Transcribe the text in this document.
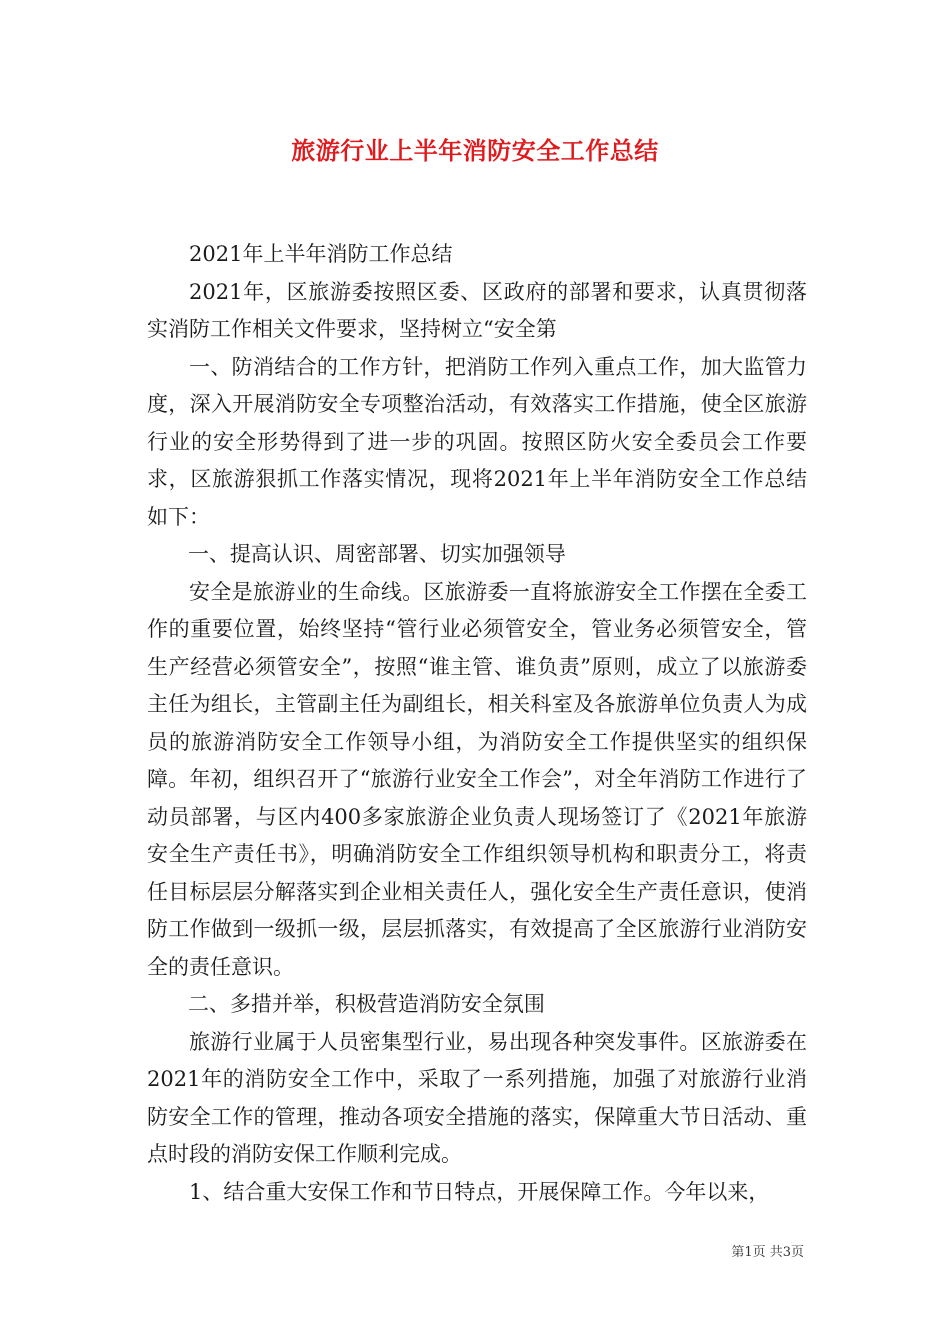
旅游行业上半年消防安全工作总结

2021年上半年消防工作总结

2021年，区旅游委按照区委、区政府的部署和要求，认真贯彻落实消防工作相关文件要求，坚持树立“安全第

一、防消结合的工作方针，把消防工作列入重点工作，加大监管力度，深入开展消防安全专项整治活动，有效落实工作措施，使全区旅游行业的安全形势得到了进一步的巩固。按照区防火安全委员会工作要求，区旅游狠抓工作落实情况，现将2021年上半年消防安全工作总结如下：

一、提高认识、周密部署、切实加强领导

安全是旅游业的生命线。区旅游委一直将旅游安全工作摆在全委工作的重要位置，始终坚持“管行业必须管安全，管业务必须管安全，管生产经营必须管安全”，按照“谁主管、谁负责”原则，成立了以旅游委主任为组长，主管副主任为副组长，相关科室及各旅游单位负责人为成员的旅游消防安全工作领导小组，为消防安全工作提供坚实的组织保障。年初，组织召开了“旅游行业安全工作会”，对全年消防工作进行了动员部署，与区内400多家旅游企业负责人现场签订了《2021年旅游安全生产责任书》，明确消防安全工作组织领导机构和职责分工，将责任目标层层分解落实到企业相关责任人，强化安全生产责任意识，使消防工作做到一级抓一级，层层抓落实，有效提高了全区旅游行业消防安全的责任意识。

二、多措并举，积极营造消防安全氛围

旅游行业属于人员密集型行业，易出现各种突发事件。区旅游委在2021年的消防安全工作中，采取了一系列措施，加强了对旅游行业消防安全工作的管理，推动各项安全措施的落实，保障重大节日活动、重点时段的消防安保工作顺利完成。

1、结合重大安保工作和节日特点，开展保障工作。今年以来，

第1页 共3页
